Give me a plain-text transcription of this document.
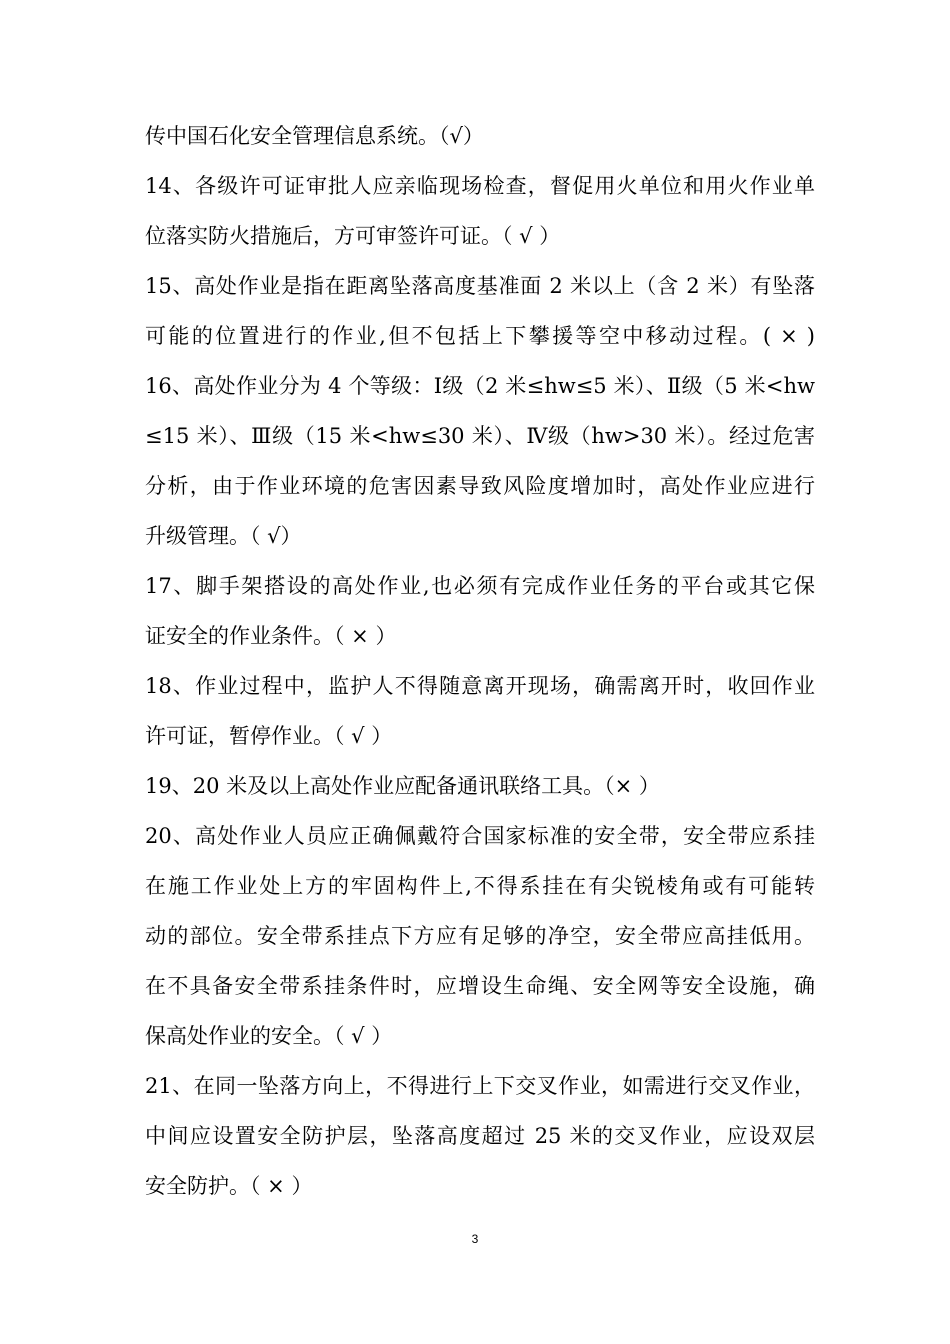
传中国石化安全管理信息系统。（√）
14、各级许可证审批人应亲临现场检查，督促用火单位和用火作业单
位落实防火措施后，方可审签许可证。（ √ ）
15、高处作业是指在距离坠落高度基准面 2 米以上（含 2 米）有坠落
可能的位置进行的作业,但不包括上下攀援等空中移动过程。( × )
16、高处作业分为 4 个等级：Ⅰ级（2 米≤hw≤5 米）、Ⅱ级（5 米<hw
≤15 米）、Ⅲ级（15 米<hw≤30 米）、Ⅳ级（hw>30 米）。经过危害
分析，由于作业环境的危害因素导致风险度增加时，高处作业应进行
升级管理。（ √）
17、脚手架搭设的高处作业,也必须有完成作业任务的平台或其它保
证安全的作业条件。（ × ）
18、作业过程中，监护人不得随意离开现场，确需离开时，收回作业
许可证，暂停作业。（ √ ）
19、20 米及以上高处作业应配备通讯联络工具。（× ）
20、高处作业人员应正确佩戴符合国家标准的安全带，安全带应系挂
在施工作业处上方的牢固构件上,不得系挂在有尖锐棱角或有可能转
动的部位。安全带系挂点下方应有足够的净空，安全带应高挂低用。
在不具备安全带系挂条件时，应增设生命绳、安全网等安全设施，确
保高处作业的安全。（ √ ）
21、在同一坠落方向上，不得进行上下交叉作业，如需进行交叉作业，
中间应设置安全防护层，坠落高度超过 25 米的交叉作业，应设双层
安全防护。（ × ）
3
